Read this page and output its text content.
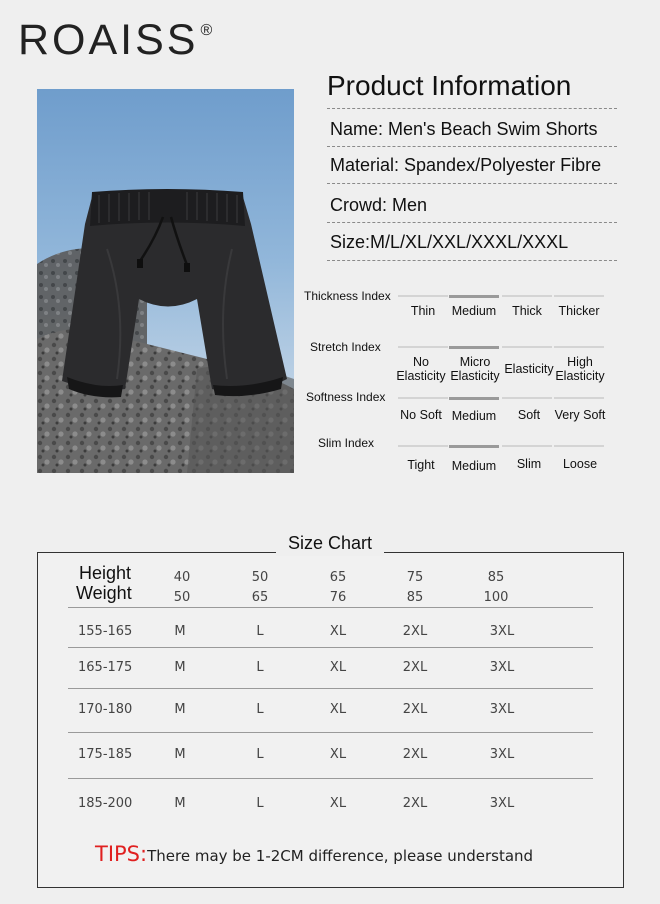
ROAISS ®
Product Information
Name: Men's Beach Swim Shorts
Material: Spandex/Polyester Fibre
Crowd: Men
Size:M/L/XL/XXL/XXXL/XXXL
Thickness Index
Thin	Medium	Thick	Thicker
Stretch Index
No Elasticity
Micro Elasticity Elasticity	High Elasticity
Softness Index
No Soft Medium	Soft	Very Soft
Slim Index
Tight	Medium	Slim	Loose
Size Chart
Height
Weight
40	50	65	75	85
50	65	76	85	100
155-165	M	L	XL	2XL	3XL
165-175	M	L	XL	2XL	3XL
170-180	M	L	XL	2XL	3XL
175-185	M	L	XL	2XL	3XL
185-200	M	L	XL	2XL	3XL
TIPS:There may be 1-2CM difference, please understand
